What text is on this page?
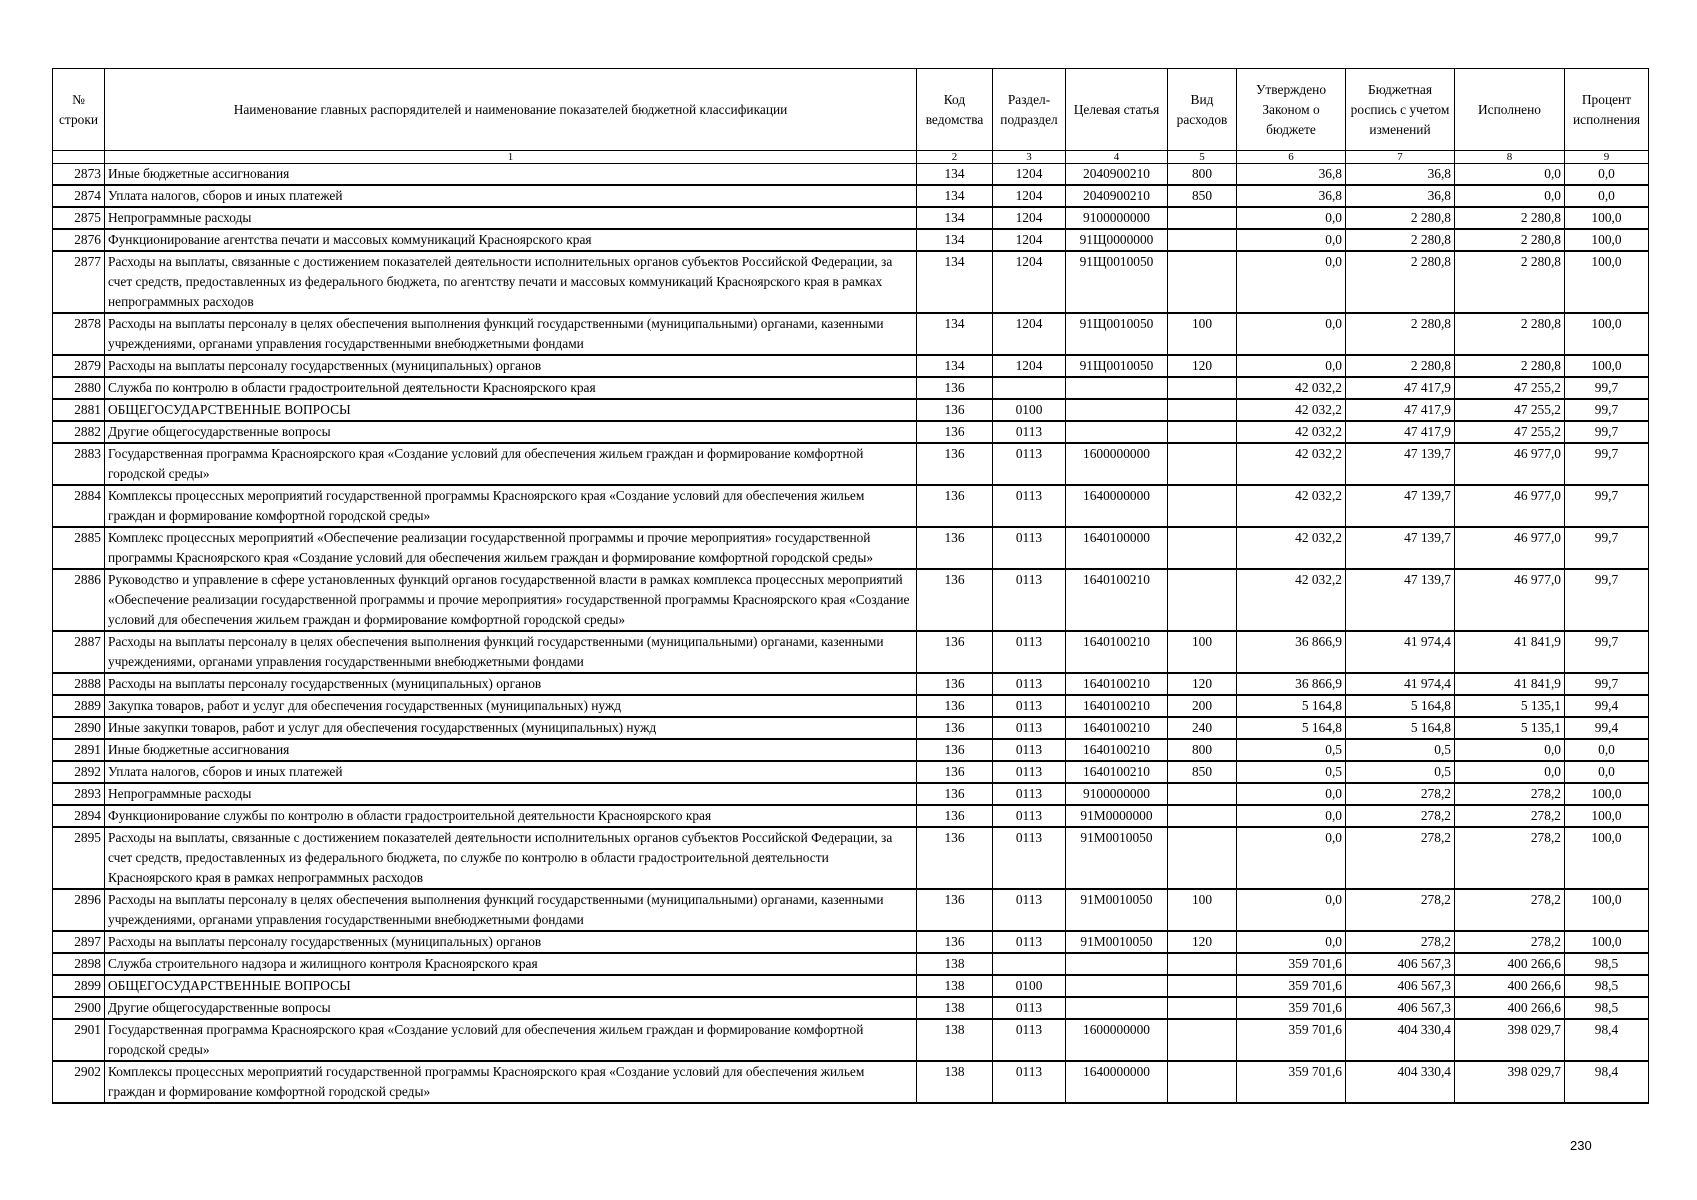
№ строки	Наименование главных распорядителей и наименование показателей бюджетной классификации	Код ведомства	Раздел-подраздел	Целевая статья	Вид расходов	Утверждено Законом о бюджете	Бюджетная роспись с учетом изменений	Исполнено	Процент исполнения
	1	2	3	4	5	6	7	8	9
2873	Иные бюджетные ассигнования	134	1204	2040900210	800	36,8	36,8	0,0	0,0
2874	Уплата налогов, сборов и иных платежей	134	1204	2040900210	850	36,8	36,8	0,0	0,0
2875	Непрограммные расходы	134	1204	9100000000		0,0	2 280,8	2 280,8	100,0
2876	Функционирование агентства печати и массовых коммуникаций Красноярского края	134	1204	91Щ0000000		0,0	2 280,8	2 280,8	100,0
2877	Расходы на выплаты, связанные с достижением показателей деятельности исполнительных органов субъектов Российской Федерации, за счет средств, предоставленных из федерального бюджета, по агентству печати и массовых коммуникаций Красноярского края в рамках непрограммных расходов	134	1204	91Щ0010050		0,0	2 280,8	2 280,8	100,0
2878	Расходы на выплаты персоналу в целях обеспечения выполнения функций государственными (муниципальными) органами, казенными учреждениями, органами управления государственными внебюджетными фондами	134	1204	91Щ0010050	100	0,0	2 280,8	2 280,8	100,0
2879	Расходы на выплаты персоналу государственных (муниципальных) органов	134	1204	91Щ0010050	120	0,0	2 280,8	2 280,8	100,0
2880	Служба по контролю в области градостроительной деятельности Красноярского края	136				42 032,2	47 417,9	47 255,2	99,7
2881	ОБЩЕГОСУДАРСТВЕННЫЕ ВОПРОСЫ	136	0100			42 032,2	47 417,9	47 255,2	99,7
2882	Другие общегосударственные вопросы	136	0113			42 032,2	47 417,9	47 255,2	99,7
2883	Государственная программа Красноярского края «Создание условий для обеспечения жильем граждан и формирование комфортной городской среды»	136	0113	1600000000		42 032,2	47 139,7	46 977,0	99,7
2884	Комплексы процессных мероприятий государственной программы Красноярского края «Создание условий для обеспечения жильем граждан и формирование комфортной городской среды»	136	0113	1640000000		42 032,2	47 139,7	46 977,0	99,7
2885	Комплекс процессных мероприятий «Обеспечение реализации государственной программы и прочие мероприятия» государственной программы Красноярского края «Создание условий для обеспечения жильем граждан и формирование комфортной городской среды»	136	0113	1640100000		42 032,2	47 139,7	46 977,0	99,7
2886	Руководство и управление в сфере установленных функций органов государственной власти в рамках комплекса процессных мероприятий «Обеспечение реализации государственной программы и прочие мероприятия» государственной программы Красноярского края «Создание условий для обеспечения жильем граждан и формирование комфортной городской среды»	136	0113	1640100210		42 032,2	47 139,7	46 977,0	99,7
2887	Расходы на выплаты персоналу в целях обеспечения выполнения функций государственными (муниципальными) органами, казенными учреждениями, органами управления государственными внебюджетными фондами	136	0113	1640100210	100	36 866,9	41 974,4	41 841,9	99,7
2888	Расходы на выплаты персоналу государственных (муниципальных) органов	136	0113	1640100210	120	36 866,9	41 974,4	41 841,9	99,7
2889	Закупка товаров, работ и услуг для обеспечения государственных (муниципальных) нужд	136	0113	1640100210	200	5 164,8	5 164,8	5 135,1	99,4
2890	Иные закупки товаров, работ и услуг для обеспечения государственных (муниципальных) нужд	136	0113	1640100210	240	5 164,8	5 164,8	5 135,1	99,4
2891	Иные бюджетные ассигнования	136	0113	1640100210	800	0,5	0,5	0,0	0,0
2892	Уплата налогов, сборов и иных платежей	136	0113	1640100210	850	0,5	0,5	0,0	0,0
2893	Непрограммные расходы	136	0113	9100000000		0,0	278,2	278,2	100,0
2894	Функционирование службы по контролю в области градостроительной деятельности Красноярского края	136	0113	91М0000000		0,0	278,2	278,2	100,0
2895	Расходы на выплаты, связанные с достижением показателей деятельности исполнительных органов субъектов Российской Федерации, за счет средств, предоставленных из федерального бюджета, по службе по контролю в области градостроительной деятельности Красноярского края в рамках непрограммных расходов	136	0113	91М0010050		0,0	278,2	278,2	100,0
2896	Расходы на выплаты персоналу в целях обеспечения выполнения функций государственными (муниципальными) органами, казенными учреждениями, органами управления государственными внебюджетными фондами	136	0113	91М0010050	100	0,0	278,2	278,2	100,0
2897	Расходы на выплаты персоналу государственных (муниципальных) органов	136	0113	91М0010050	120	0,0	278,2	278,2	100,0
2898	Служба строительного надзора и жилищного контроля Красноярского края	138				359 701,6	406 567,3	400 266,6	98,5
2899	ОБЩЕГОСУДАРСТВЕННЫЕ ВОПРОСЫ	138	0100			359 701,6	406 567,3	400 266,6	98,5
2900	Другие общегосударственные вопросы	138	0113			359 701,6	406 567,3	400 266,6	98,5
2901	Государственная программа Красноярского края «Создание условий для обеспечения жильем граждан и формирование комфортной городской среды»	138	0113	1600000000		359 701,6	404 330,4	398 029,7	98,4
2902	Комплексы процессных мероприятий государственной программы Красноярского края «Создание условий для обеспечения жильем граждан и формирование комфортной городской среды»	138	0113	1640000000		359 701,6	404 330,4	398 029,7	98,4
230
